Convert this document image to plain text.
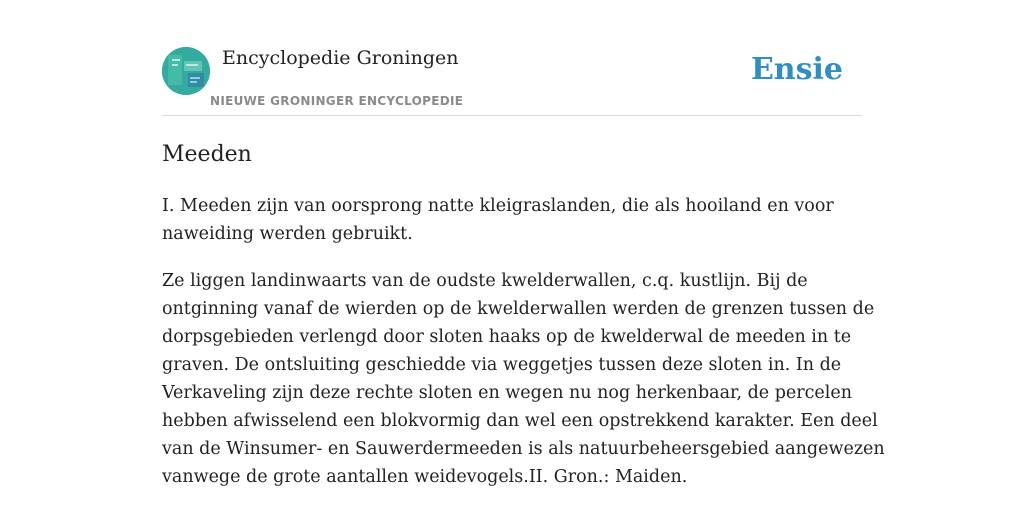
Encyclopedie Groningen
NIEUWE GRONINGER ENCYCLOPEDIE
Ensie
Meeden

I. Meeden zijn van oorsprong natte kleigraslanden, die als hooiland en voor
naweiding werden gebruikt.

Ze liggen landinwaarts van de oudste kwelderwallen, c.q. kustlijn. Bij de
ontginning vanaf de wierden op de kwelderwallen werden de grenzen tussen de
dorpsgebieden verlengd door sloten haaks op de kwelderwal de meeden in te
graven. De ontsluiting geschiedde via weggetjes tussen deze sloten in. In de
Verkaveling zijn deze rechte sloten en wegen nu nog herkenbaar, de percelen
hebben afwisselend een blokvormig dan wel een opstrekkend karakter. Een deel
van de Winsumer- en Sauwerdermeeden is als natuurbeheersgebied aangewezen
vanwege de grote aantallen weidevogels.II. Gron.: Maiden.
